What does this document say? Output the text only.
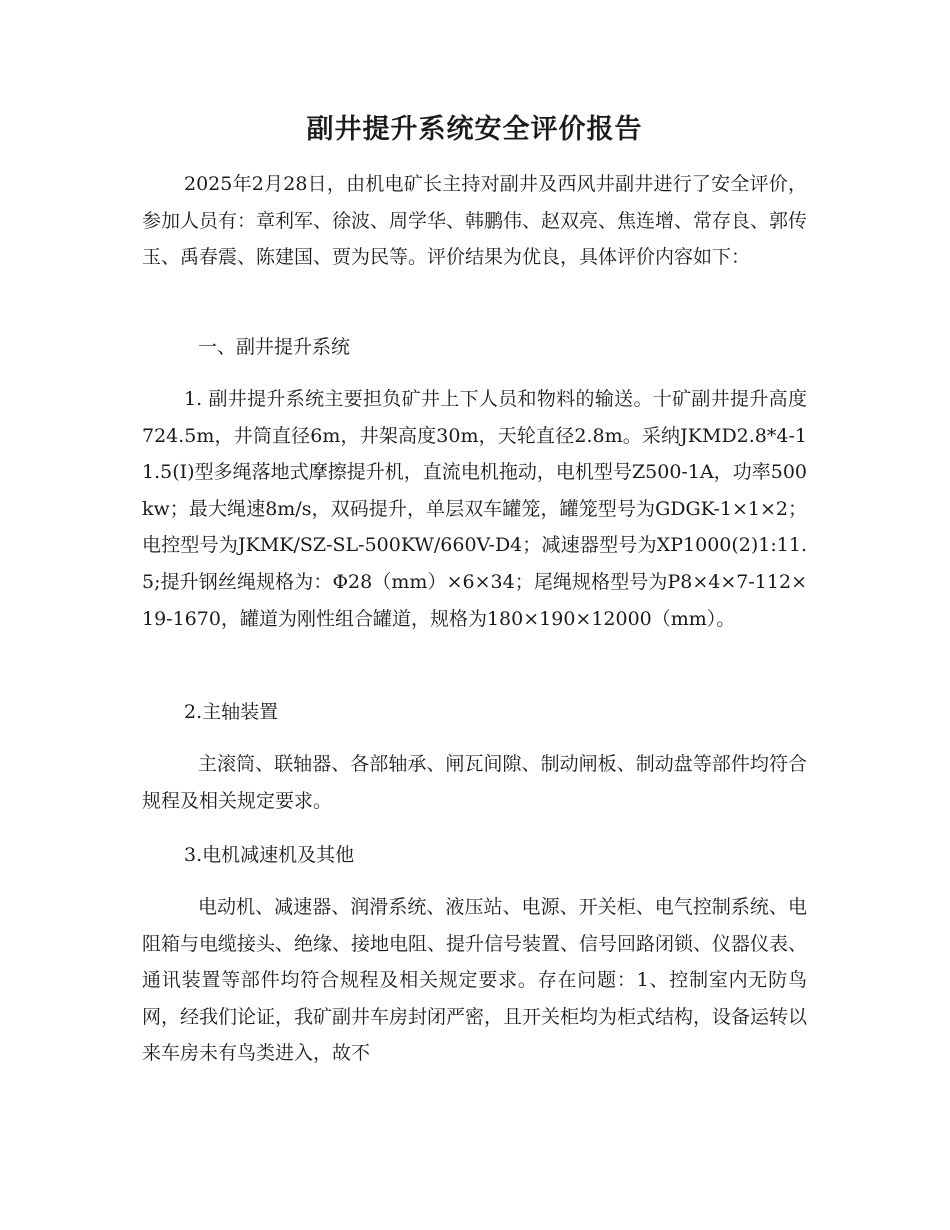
副井提升系统安全评价报告

2025年2月28日，由机电矿长主持对副井及西风井副井进行了安全评价，参加人员有：章利军、徐波、周学华、韩鹏伟、赵双亮、焦连增、常存良、郭传玉、禹春震、陈建国、贾为民等。评价结果为优良，具体评价内容如下：

一、副井提升系统

1. 副井提升系统主要担负矿井上下人员和物料的输送。十矿副井提升高度724.5m，井筒直径6m，井架高度30m，天轮直径2.8m。采纳JKMD2.8*4-11.5(Ⅰ)型多绳落地式摩擦提升机，直流电机拖动，电机型号Z500-1A，功率500kw；最大绳速8m/s，双码提升，单层双车罐笼，罐笼型号为GDGK-1×1×2；电控型号为JKMK/SZ-SL-500KW/660V-D4；减速器型号为XP1000(2)1:11.5;提升钢丝绳规格为：Φ28（mm）×6×34；尾绳规格型号为P8×4×7-112×19-1670，罐道为刚性组合罐道，规格为180×190×12000（mm）。

2.主轴装置

主滚筒、联轴器、各部轴承、闸瓦间隙、制动闸板、制动盘等部件均符合规程及相关规定要求。

3.电机减速机及其他

电动机、减速器、润滑系统、液压站、电源、开关柜、电气控制系统、电阻箱与电缆接头、绝缘、接地电阻、提升信号装置、信号回路闭锁、仪器仪表、通讯装置等部件均符合规程及相关规定要求。存在问题：1、控制室内无防鸟网，经我们论证，我矿副井车房封闭严密，且开关柜均为柜式结构，设备运转以来车房未有鸟类进入，故不
